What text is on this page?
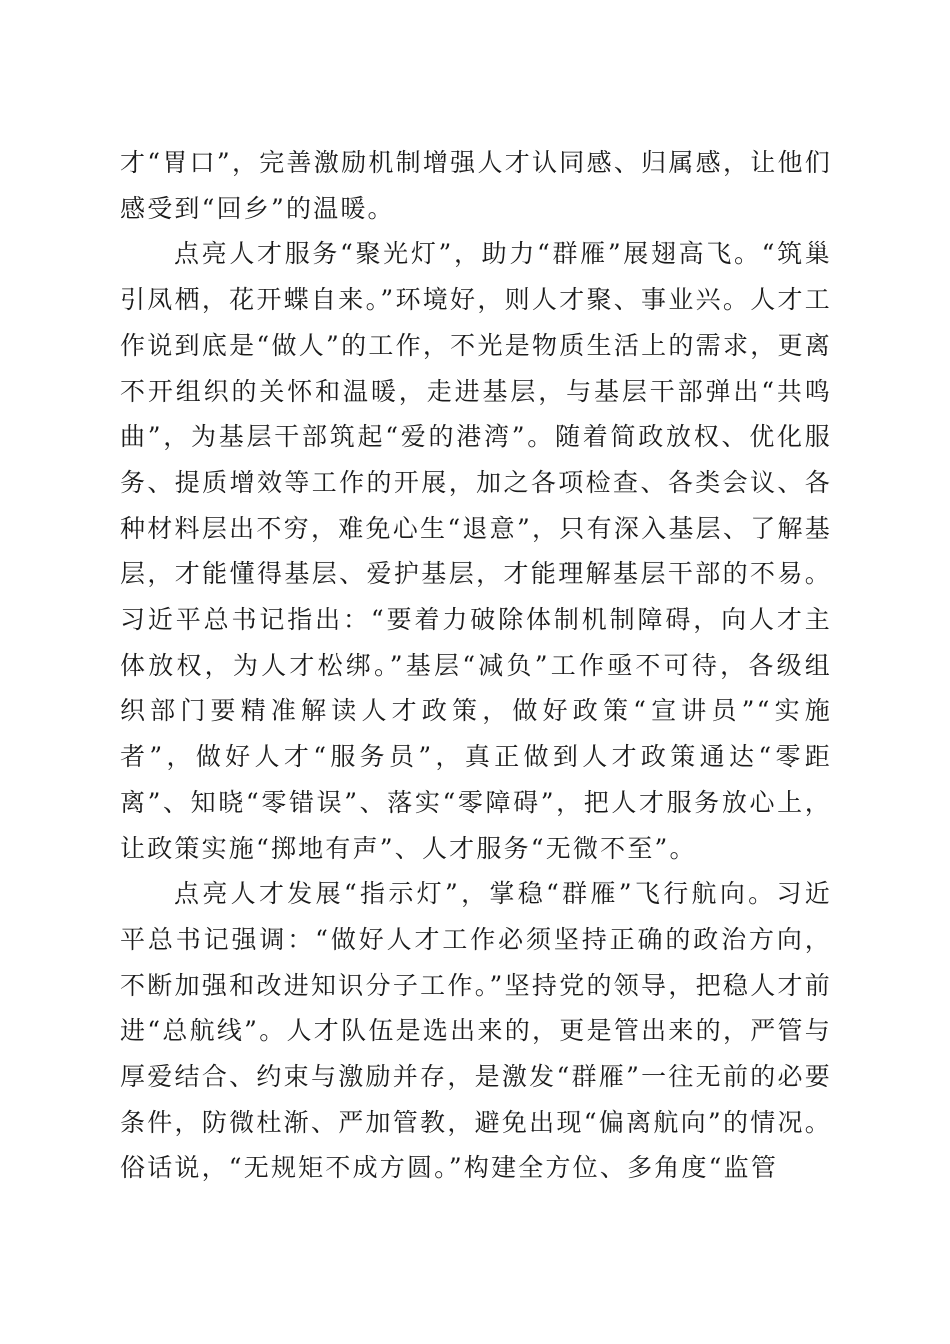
才“胃口”，完善激励机制增强人才认同感、归属感，让他们感受到“回乡”的温暖。

点亮人才服务“聚光灯”，助力“群雁”展翅高飞。“筑巢引凤栖，花开蝶自来。”环境好，则人才聚、事业兴。人才工作说到底是“做人”的工作，不光是物质生活上的需求，更离不开组织的关怀和温暖，走进基层，与基层干部弹出“共鸣曲”，为基层干部筑起“爱的港湾”。随着简政放权、优化服务、提质增效等工作的开展，加之各项检查、各类会议、各种材料层出不穷，难免心生“退意”，只有深入基层、了解基层，才能懂得基层、爱护基层，才能理解基层干部的不易。习近平总书记指出：“要着力破除体制机制障碍，向人才主体放权，为人才松绑。”基层“减负”工作亟不可待，各级组织部门要精准解读人才政策，做好政策“宣讲员”“实施者”，做好人才“服务员”，真正做到人才政策通达“零距离”、知晓“零错误”、落实“零障碍”，把人才服务放心上，让政策实施“掷地有声”、人才服务“无微不至”。

点亮人才发展“指示灯”，掌稳“群雁”飞行航向。习近平总书记强调：“做好人才工作必须坚持正确的政治方向，不断加强和改进知识分子工作。”坚持党的领导，把稳人才前进“总航线”。人才队伍是选出来的，更是管出来的，严管与厚爱结合、约束与激励并存，是激发“群雁”一往无前的必要条件，防微杜渐、严加管教，避免出现“偏离航向”的情况。俗话说，“无规矩不成方圆。”构建全方位、多角度“监管
